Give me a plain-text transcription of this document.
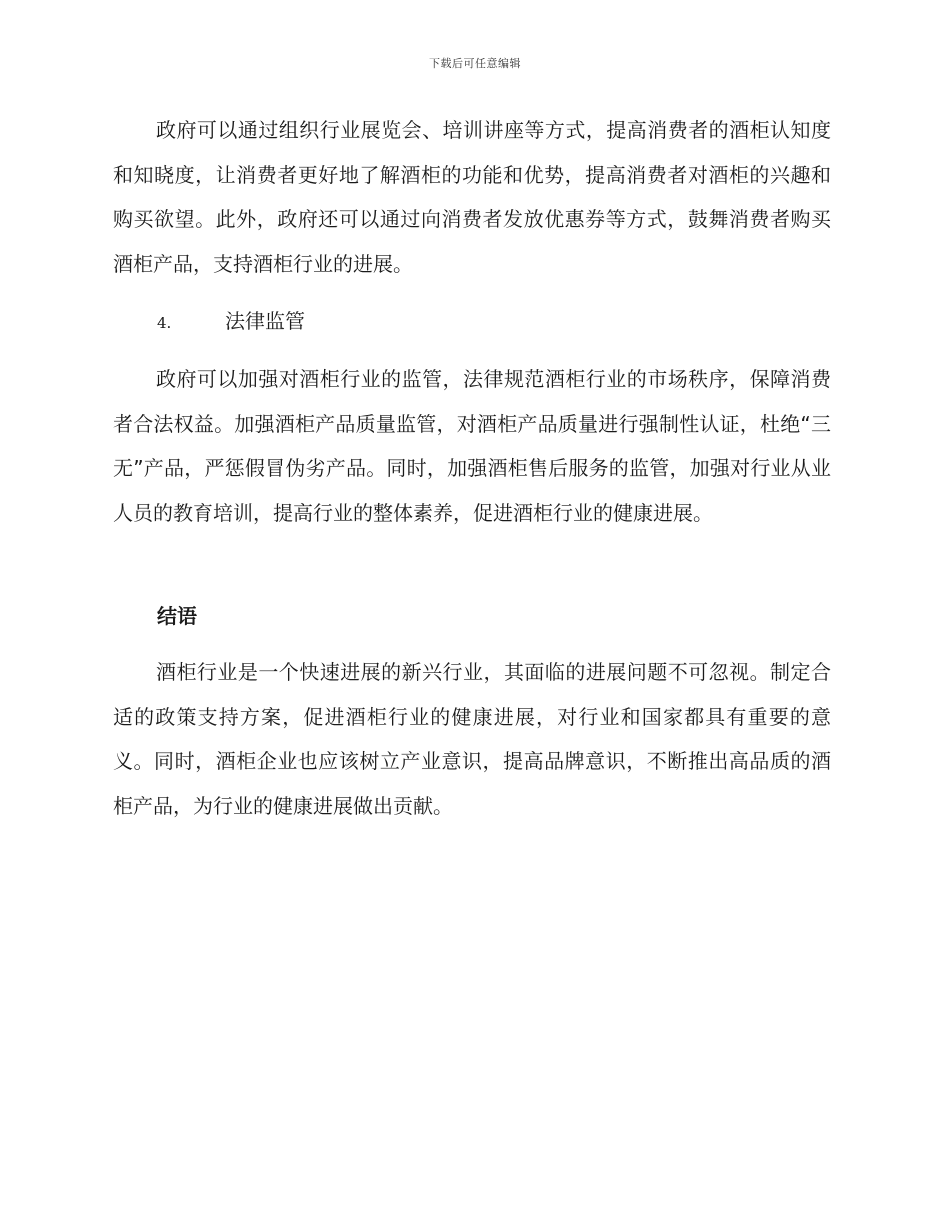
下载后可任意编辑

政府可以通过组织行业展览会、培训讲座等方式，提高消费者的酒柜认知度和知晓度，让消费者更好地了解酒柜的功能和优势，提高消费者对酒柜的兴趣和购买欲望。此外，政府还可以通过向消费者发放优惠券等方式，鼓舞消费者购买酒柜产品，支持酒柜行业的进展。

4.	法律监管

政府可以加强对酒柜行业的监管，法律规范酒柜行业的市场秩序，保障消费者合法权益。加强酒柜产品质量监管，对酒柜产品质量进行强制性认证，杜绝“三无”产品，严惩假冒伪劣产品。同时，加强酒柜售后服务的监管，加强对行业从业人员的教育培训，提高行业的整体素养，促进酒柜行业的健康进展。

结语

酒柜行业是一个快速进展的新兴行业，其面临的进展问题不可忽视。制定合适的政策支持方案，促进酒柜行业的健康进展，对行业和国家都具有重要的意义。同时，酒柜企业也应该树立产业意识，提高品牌意识，不断推出高品质的酒柜产品，为行业的健康进展做出贡献。
